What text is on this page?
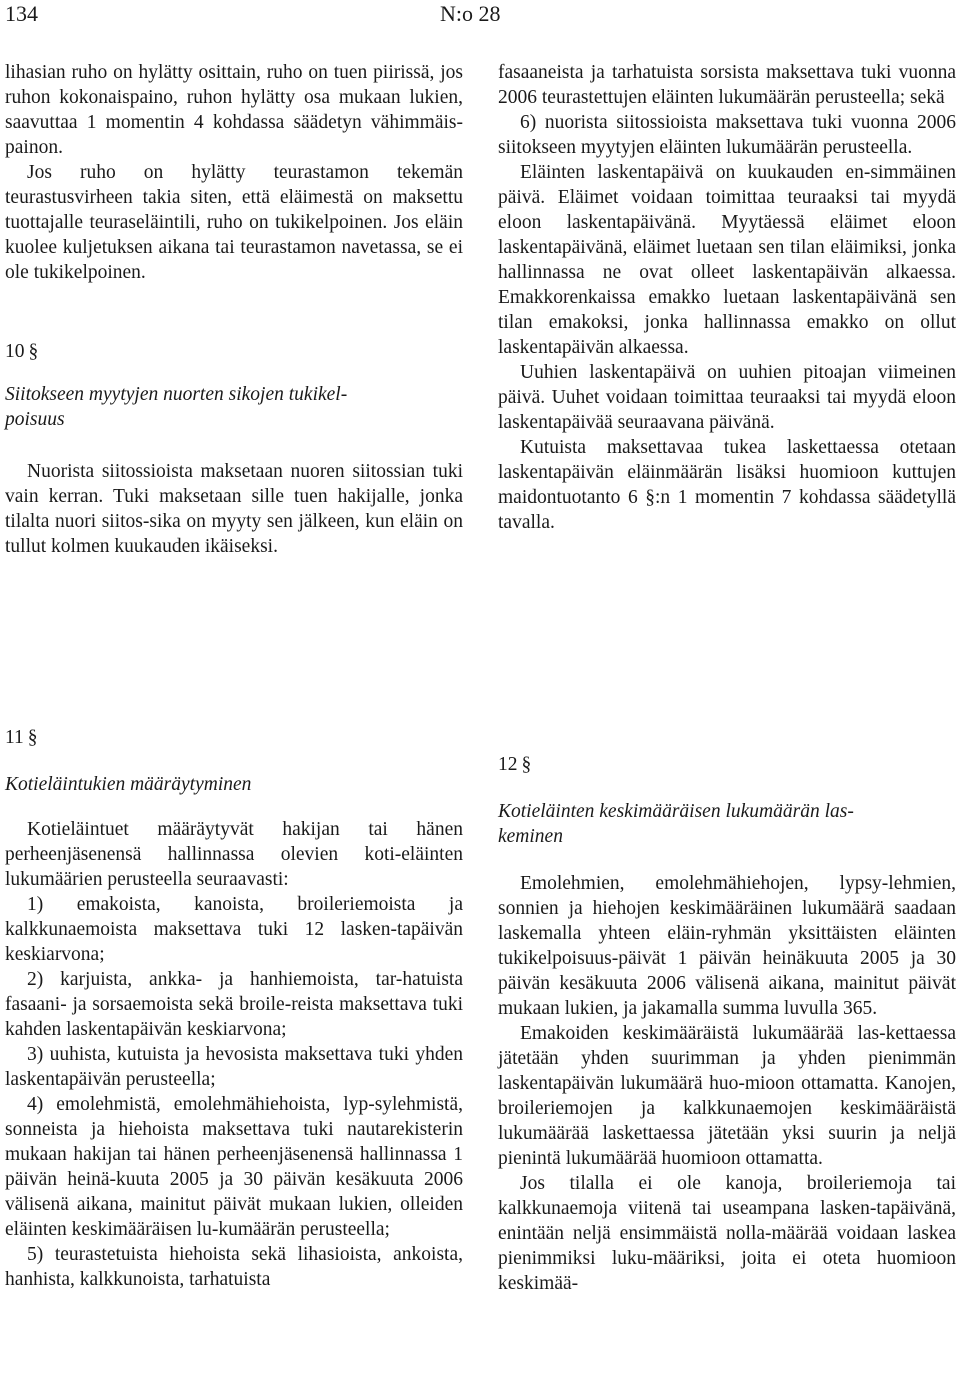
134	N:o 28

lihasian ruho on hylätty osittain, ruho on tuen piirissä, jos ruhon kokonaispaino, ruhon hylätty osa mukaan lukien, saavuttaa 1 momentin 4 kohdassa säädetyn vähimmäis-painon.

Jos ruho on hylätty teurastamon tekemän teurastusvirheen takia siten, että eläimestä on maksettu tuottajalle teuraseläintili, ruho on tukikelpoinen. Jos eläin kuolee kuljetuksen aikana tai teurastamon navetassa, se ei ole tukikelpoinen.

10 §

Siitokseen myytyjen nuorten sikojen tukikel-
poisuus

Nuorista siitossioista maksetaan nuoren siitossian tuki vain kerran. Tuki maksetaan sille tuen hakijalle, jonka tilalta nuori siitos-sika on myyty sen jälkeen, kun eläin on tullut kolmen kuukauden ikäiseksi.

fasaaneista ja tarhatuista sorsista maksettava tuki vuonna 2006 teurastettujen eläinten lukumäärän perusteella; sekä

6) nuorista siitossioista maksettava tuki vuonna 2006 siitokseen myytyjen eläinten lukumäärän perusteella.

Eläinten laskentapäivä on kuukauden en-simmäinen päivä. Eläimet voidaan toimittaa teuraaksi tai myydä eloon laskentapäivänä. Myytäessä eläimet eloon laskentapäivänä, eläimet luetaan sen tilan eläimiksi, jonka hallinnassa ne ovat olleet laskentapäivän alkaessa. Emakkorenkaissa emakko luetaan laskentapäivänä sen tilan emakoksi, jonka hallinnassa emakko on ollut laskentapäivän alkaessa.

Uuhien laskentapäivä on uuhien pitoajan viimeinen päivä. Uuhet voidaan toimittaa teuraaksi tai myydä eloon laskentapäivää seuraavana päivänä.

Kutuista maksettavaa tukea laskettaessa otetaan laskentapäivän eläinmäärän lisäksi huomioon kuttujen maidontuotanto 6 §:n 1 momentin 7 kohdassa säädetyllä tavalla.

11 §

Kotieläintukien määräytyminen

Kotieläintuet määräytyvät hakijan tai hänen perheenjäsenensä hallinnassa olevien koti-eläinten lukumäärien perusteella seuraavasti:

1) emakoista, kanoista, broileriemoista ja kalkkunaemoista maksettava tuki 12 lasken-tapäivän keskiarvona;

2) karjuista, ankka- ja hanhiemoista, tar-hatuista fasaani- ja sorsaemoista sekä broile-reista maksettava tuki kahden laskentapäivän keskiarvona;

3) uuhista, kutuista ja hevosista maksettava tuki yhden laskentapäivän perusteella;

4) emolehmistä, emolehmähiehoista, lyp-sylehmistä, sonneista ja hiehoista maksettava tuki nautarekisterin mukaan hakijan tai hänen perheenjäsenensä hallinnassa 1 päivän heinä-kuuta 2005 ja 30 päivän kesäkuuta 2006 välisenä aikana, mainitut päivät mukaan lukien, olleiden eläinten keskimääräisen lu-kumäärän perusteella;

5) teurastetuista hiehoista sekä lihasioista, ankoista, hanhista, kalkkunoista, tarhatuista

12 §

Kotieläinten keskimääräisen lukumäärän las-
keminen

Emolehmien, emolehmähiehojen, lypsy-lehmien, sonnien ja hiehojen keskimääräinen lukumäärä saadaan laskemalla yhteen eläin-ryhmän yksittäisten eläinten tukikelpoisuus-päivät 1 päivän heinäkuuta 2005 ja 30 päivän kesäkuuta 2006 välisenä aikana, mainitut päivät mukaan lukien, ja jakamalla summa luvulla 365.

Emakoiden keskimääräistä lukumäärää las-kettaessa jätetään yhden suurimman ja yhden pienimmän laskentapäivän lukumäärä huo-mioon ottamatta. Kanojen, broileriemojen ja kalkkunaemojen keskimääräistä lukumäärää laskettaessa jätetään yksi suurin ja neljä pienintä lukumäärää huomioon ottamatta.

Jos tilalla ei ole kanoja, broileriemoja tai kalkkunaemoja viitenä tai useampana lasken-tapäivänä, enintään neljä ensimmäistä nolla-määrää voidaan laskea pienimmiksi luku-määriksi, joita ei oteta huomioon keskimää-
